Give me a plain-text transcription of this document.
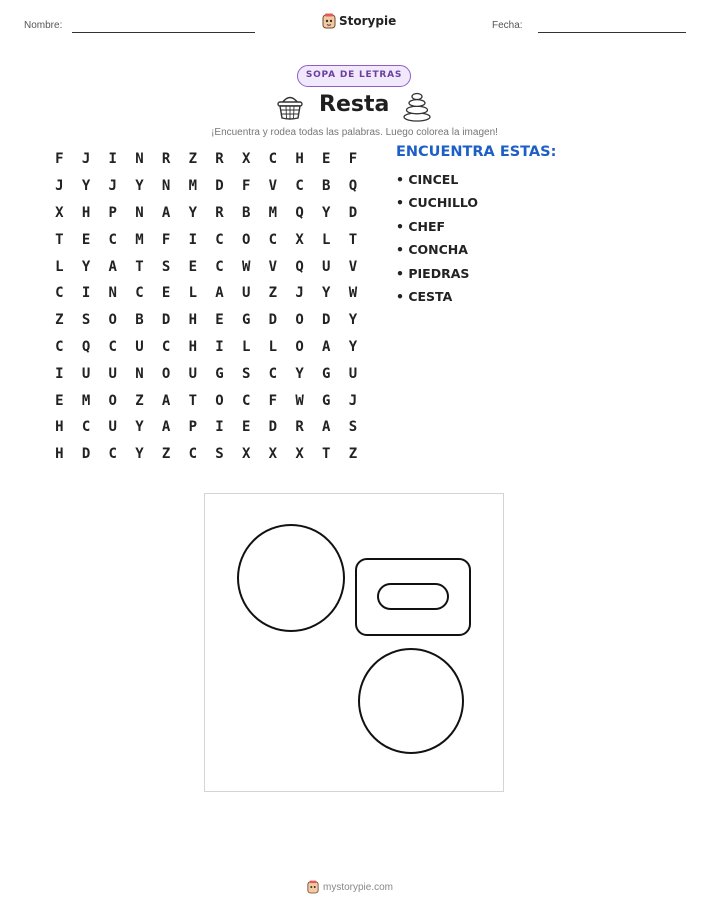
Nombre:	Storypie	Fecha:
SOPA DE LETRAS
Resta
¡Encuentra y rodea todas las palabras. Luego colorea la imagen!
F	J	I	N	R	Z	R	X	C	H	E	F
J	Y	J	Y	N	M	D	F	V	C	B	Q
X	H	P	N	A	Y	R	B	M	Q	Y	D
T	E	C	M	F	I	C	O	C	X	L	T
L	Y	A	T	S	E	C	W	V	Q	U	V
C	I	N	C	E	L	A	U	Z	J	Y	W
Z	S	O	B	D	H	E	G	D	O	D	Y
C	Q	C	U	C	H	I	L	L	O	A	Y
I	U	U	N	O	U	G	S	C	Y	G	U
E	M	O	Z	A	T	O	C	F	W	G	J
H	C	U	Y	A	P	I	E	D	R	A	S
H	D	C	Y	Z	C	S	X	X	X	T	Z
ENCUENTRA ESTAS:
• CINCEL
• CUCHILLO
• CHEF
• CONCHA
• PIEDRAS
• CESTA
mystorypie.com
